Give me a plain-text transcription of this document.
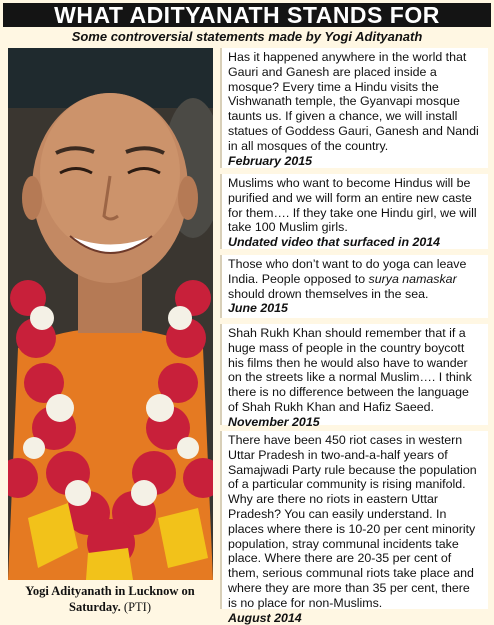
WHAT ADITYANATH STANDS FOR
Some controversial statements made by Yogi Adityanath
Yogi Adityanath in Lucknow on Saturday. (PTI)
Has it happened anywhere in the world that Gauri and Ganesh are placed inside a mosque? Every time a Hindu visits the Vishwanath temple, the Gyanvapi mosque taunts us. If given a chance, we will install statues of Goddess Gauri, Ganesh and Nandi in all mosques of the country.
February 2015
Muslims who want to become Hindus will be purified and we will form an entire new caste for them…. If they take one Hindu girl, we will take 100 Muslim girls.
Undated video that surfaced in 2014
Those who don’t want to do yoga can leave India. People opposed to surya namaskar should drown themselves in the sea.
June 2015
Shah Rukh Khan should remember that if a huge mass of people in the country boycott his films then he would also have to wander on the streets like a normal Muslim…. I think there is no difference between the language of Shah Rukh Khan and Hafiz Saeed.
November 2015
There have been 450 riot cases in western Uttar Pradesh in two-and-a-half years of Samajwadi Party rule because the population of a particular community is rising manifold. Why are there no riots in eastern Uttar Pradesh? You can easily understand. In places where there is 10-20 per cent minority population, stray communal incidents take place. Where there are 20-35 per cent of them, serious communal riots take place and where they are more than 35 per cent, there is no place for non-Muslims.
August 2014
